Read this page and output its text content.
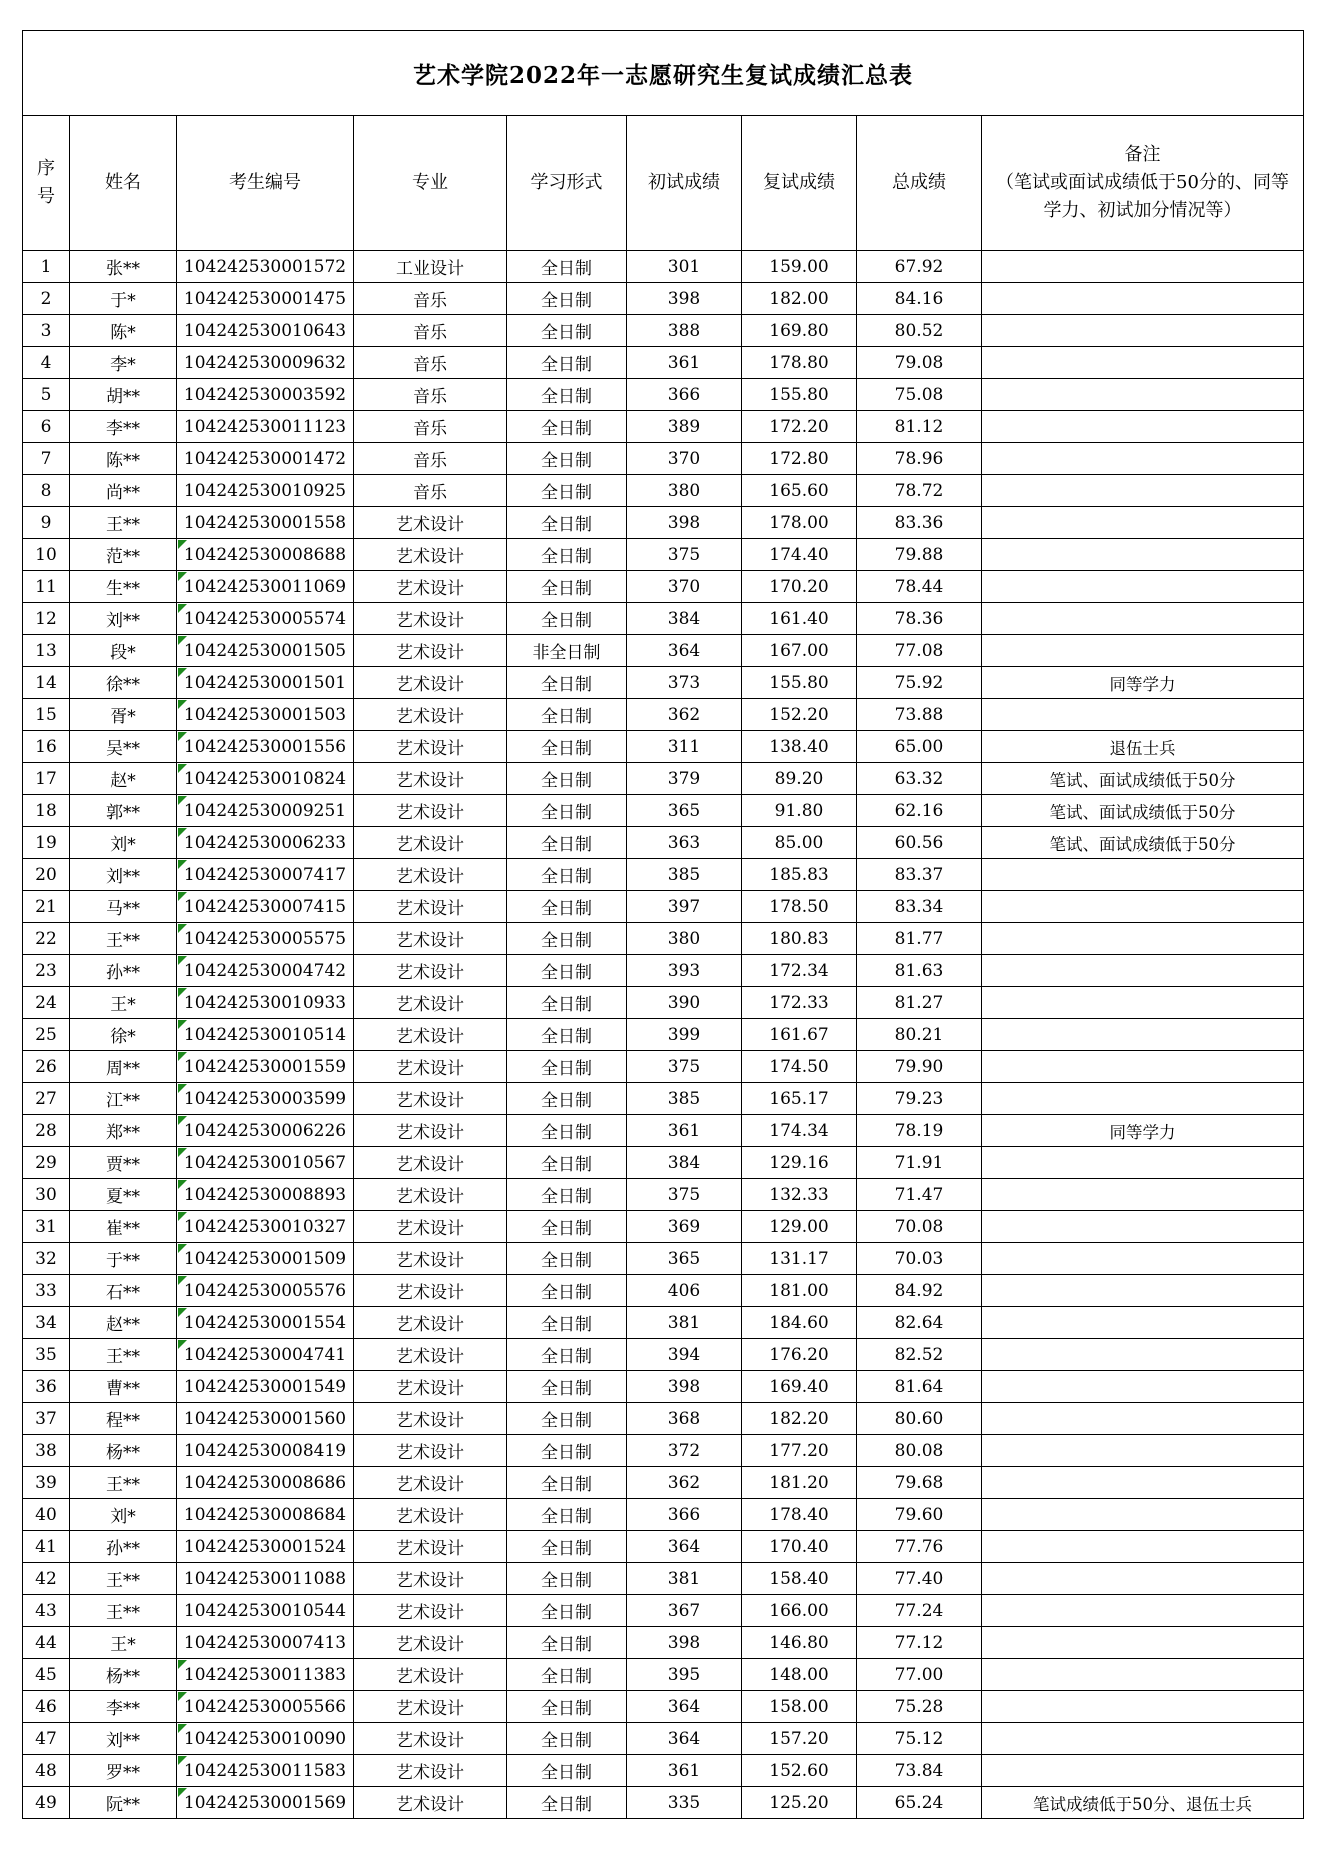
艺术学院2022年一志愿研究生复试成绩汇总表								
序号	姓名	考生编号	专业	学习形式	初试成绩	复试成绩	总成绩	备注
（笔试或面试成绩低于50分的、同等学力、初试加分情况等）

1	张**	104242530001572	工业设计	全日制	301	159.00	67.92	
2	于*	104242530001475	音乐	全日制	398	182.00	84.16	
3	陈*	104242530010643	音乐	全日制	388	169.80	80.52	
4	李*	104242530009632	音乐	全日制	361	178.80	79.08	
5	胡**	104242530003592	音乐	全日制	366	155.80	75.08	
6	李**	104242530011123	音乐	全日制	389	172.20	81.12	
7	陈**	104242530001472	音乐	全日制	370	172.80	78.96	
8	尚**	104242530010925	音乐	全日制	380	165.60	78.72	
9	王**	104242530001558	艺术设计	全日制	398	178.00	83.36	
10	范**	104242530008688	艺术设计	全日制	375	174.40	79.88	
11	生**	104242530011069	艺术设计	全日制	370	170.20	78.44	
12	刘**	104242530005574	艺术设计	全日制	384	161.40	78.36	
13	段*	104242530001505	艺术设计	非全日制	364	167.00	77.08	
14	徐**	104242530001501	艺术设计	全日制	373	155.80	75.92	同等学力
15	胥*	104242530001503	艺术设计	全日制	362	152.20	73.88	
16	吴**	104242530001556	艺术设计	全日制	311	138.40	65.00	退伍士兵
17	赵*	104242530010824	艺术设计	全日制	379	89.20	63.32	笔试、面试成绩低于50分
18	郭**	104242530009251	艺术设计	全日制	365	91.80	62.16	笔试、面试成绩低于50分
19	刘*	104242530006233	艺术设计	全日制	363	85.00	60.56	笔试、面试成绩低于50分
20	刘**	104242530007417	艺术设计	全日制	385	185.83	83.37	
21	马**	104242530007415	艺术设计	全日制	397	178.50	83.34	
22	王**	104242530005575	艺术设计	全日制	380	180.83	81.77	
23	孙**	104242530004742	艺术设计	全日制	393	172.34	81.63	
24	王*	104242530010933	艺术设计	全日制	390	172.33	81.27	
25	徐*	104242530010514	艺术设计	全日制	399	161.67	80.21	
26	周**	104242530001559	艺术设计	全日制	375	174.50	79.90	
27	江**	104242530003599	艺术设计	全日制	385	165.17	79.23	
28	郑**	104242530006226	艺术设计	全日制	361	174.34	78.19	同等学力
29	贾**	104242530010567	艺术设计	全日制	384	129.16	71.91	
30	夏**	104242530008893	艺术设计	全日制	375	132.33	71.47	
31	崔**	104242530010327	艺术设计	全日制	369	129.00	70.08	
32	于**	104242530001509	艺术设计	全日制	365	131.17	70.03	
33	石**	104242530005576	艺术设计	全日制	406	181.00	84.92	
34	赵**	104242530001554	艺术设计	全日制	381	184.60	82.64	
35	王**	104242530004741	艺术设计	全日制	394	176.20	82.52	
36	曹**	104242530001549	艺术设计	全日制	398	169.40	81.64	
37	程**	104242530001560	艺术设计	全日制	368	182.20	80.60	
38	杨**	104242530008419	艺术设计	全日制	372	177.20	80.08	
39	王**	104242530008686	艺术设计	全日制	362	181.20	79.68	
40	刘*	104242530008684	艺术设计	全日制	366	178.40	79.60	
41	孙**	104242530001524	艺术设计	全日制	364	170.40	77.76	
42	王**	104242530011088	艺术设计	全日制	381	158.40	77.40	
43	王**	104242530010544	艺术设计	全日制	367	166.00	77.24	
44	王*	104242530007413	艺术设计	全日制	398	146.80	77.12	
45	杨**	104242530011383	艺术设计	全日制	395	148.00	77.00	
46	李**	104242530005566	艺术设计	全日制	364	158.00	75.28	
47	刘**	104242530010090	艺术设计	全日制	364	157.20	75.12	
48	罗**	104242530011583	艺术设计	全日制	361	152.60	73.84	
49	阮**	104242530001569	艺术设计	全日制	335	125.20	65.24	笔试成绩低于50分、退伍士兵
